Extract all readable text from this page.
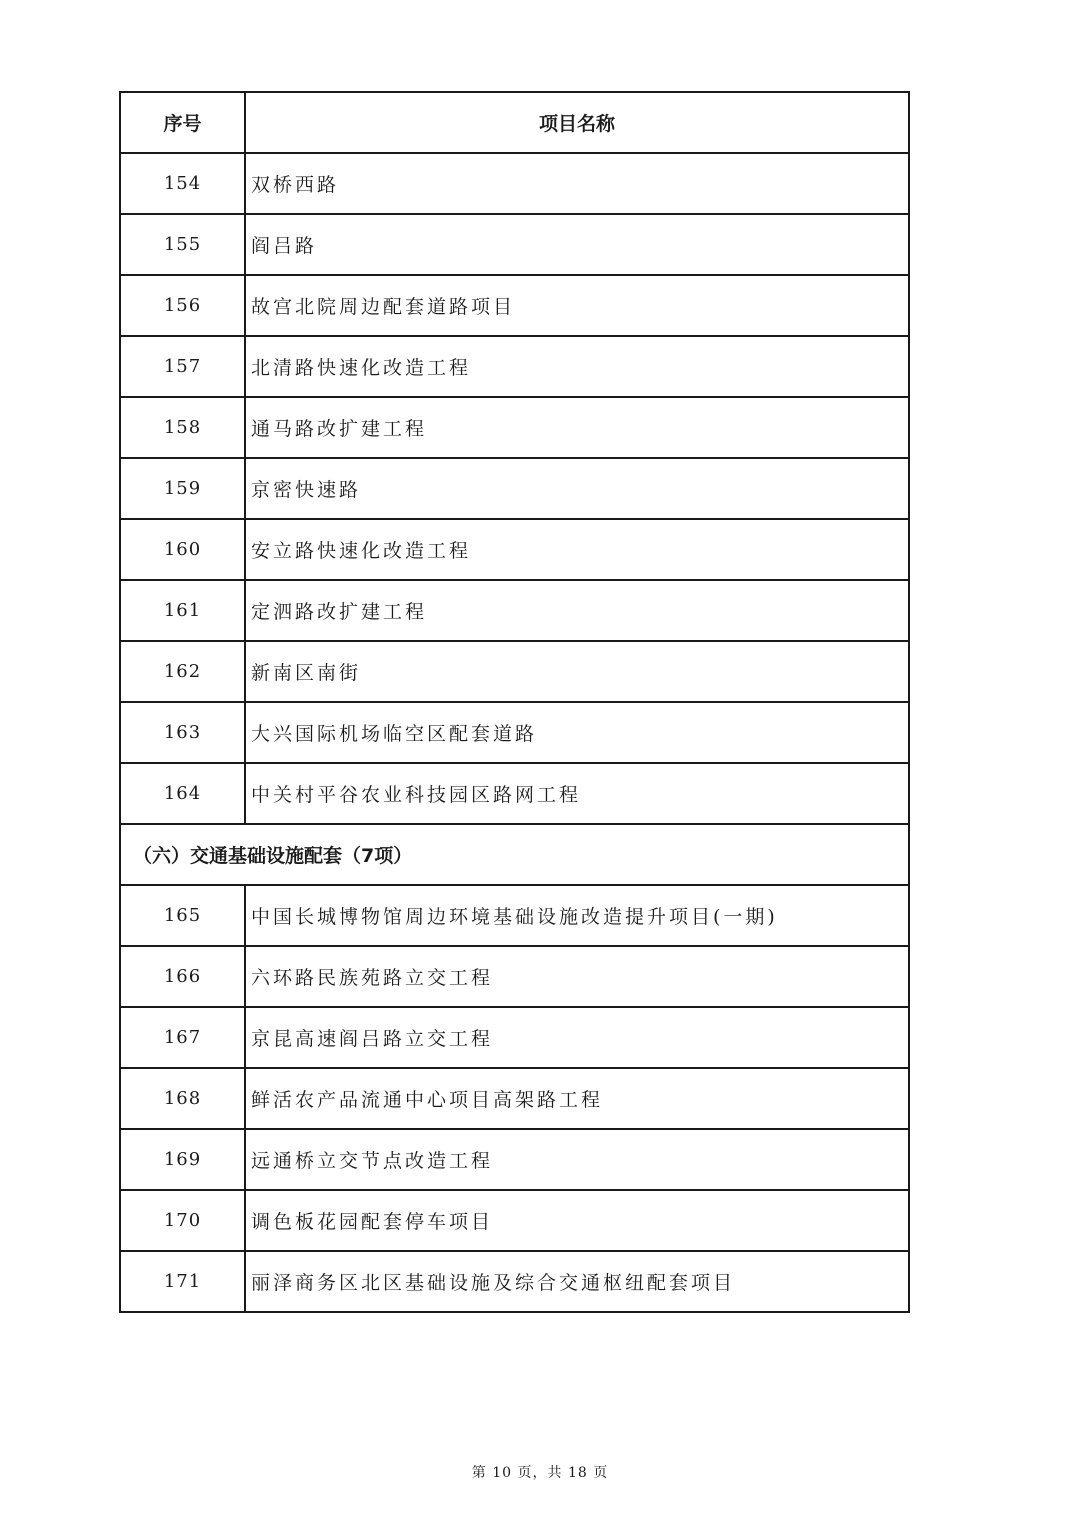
序号	项目名称
154	双桥西路
155	阎吕路
156	故宫北院周边配套道路项目
157	北清路快速化改造工程
158	通马路改扩建工程
159	京密快速路
160	安立路快速化改造工程
161	定泗路改扩建工程
162	新南区南街
163	大兴国际机场临空区配套道路
164	中关村平谷农业科技园区路网工程
（六）交通基础设施配套（7项）	
165	中国长城博物馆周边环境基础设施改造提升项目(一期)
166	六环路民族苑路立交工程
167	京昆高速阎吕路立交工程
168	鲜活农产品流通中心项目高架路工程
169	远通桥立交节点改造工程
170	调色板花园配套停车项目
171	丽泽商务区北区基础设施及综合交通枢纽配套项目
第 10 页，共 18 页
